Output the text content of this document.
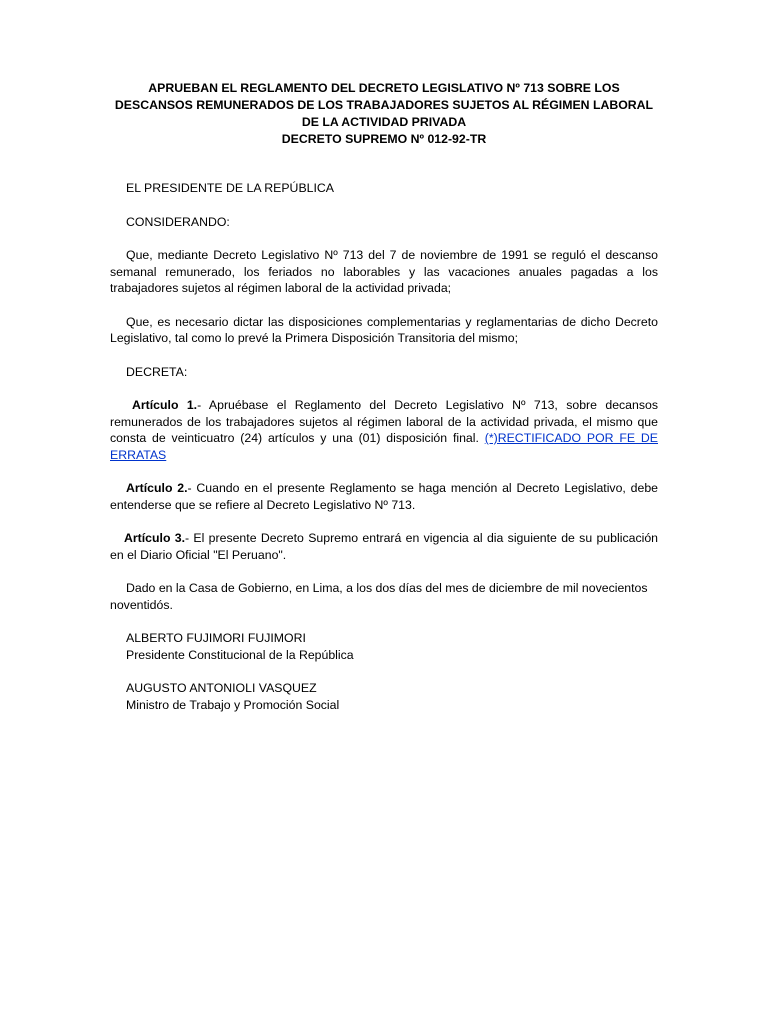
APRUEBAN EL REGLAMENTO DEL DECRETO LEGISLATIVO Nº 713 SOBRE LOS DESCANSOS REMUNERADOS DE LOS TRABAJADORES SUJETOS AL RÉGIMEN LABORAL DE LA ACTIVIDAD PRIVADA
DECRETO SUPREMO Nº 012-92-TR

EL PRESIDENTE DE LA REPÚBLICA

CONSIDERANDO:

Que, mediante Decreto Legislativo Nº 713 del 7 de noviembre de 1991 se reguló el descanso semanal remunerado, los feriados no laborables y las vacaciones anuales pagadas a los trabajadores sujetos al régimen laboral de la actividad privada;

Que, es necesario dictar las disposiciones complementarias y reglamentarias de dicho Decreto Legislativo, tal como lo prevé la Primera Disposición Transitoria del mismo;

DECRETA:

Artículo 1.- Apruébase el Reglamento del Decreto Legislativo Nº 713, sobre decansos remunerados de los trabajadores sujetos al régimen laboral de la actividad privada, el mismo que consta de veinticuatro (24) artículos y una (01) disposición final. (*)RECTIFICADO POR FE DE ERRATAS

Artículo 2.- Cuando en el presente Reglamento se haga mención al Decreto Legislativo, debe entenderse que se refiere al Decreto Legislativo Nº 713.

Artículo 3.- El presente Decreto Supremo entrará en vigencia al dia siguiente de su publicación en el Diario Oficial "El Peruano".

Dado en la Casa de Gobierno, en Lima, a los dos días del mes de diciembre de mil novecientos noventidós.

ALBERTO FUJIMORI FUJIMORI
Presidente Constitucional de la República
AUGUSTO ANTONIOLI VASQUEZ
Ministro de Trabajo y Promoción Social
